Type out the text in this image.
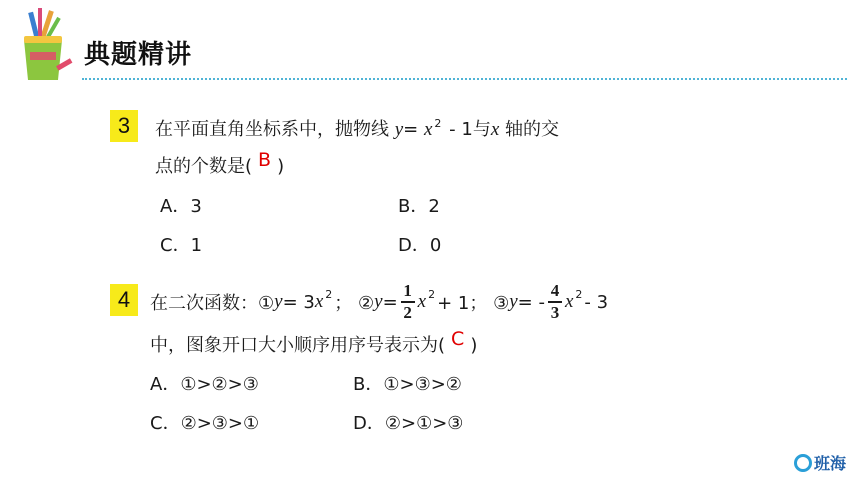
典题精讲
3	在平面直角坐标系中，抛物线 y= x $^2$ - 1与x 轴的交
点的个数是( B )
A．3	B．2
C．1	D．0
4	在二次函数：① y = 3 x 2 ； ② $y = \frac{1}{2}$ x 2 + 1； ③ y = - $\frac{4}{3}$ x 2 - 3
中，图象开口大小顺序用序号表示为( C )
A．①>②>③	B．①>③>②
C．②>③>①	D．②>①>③
班海
